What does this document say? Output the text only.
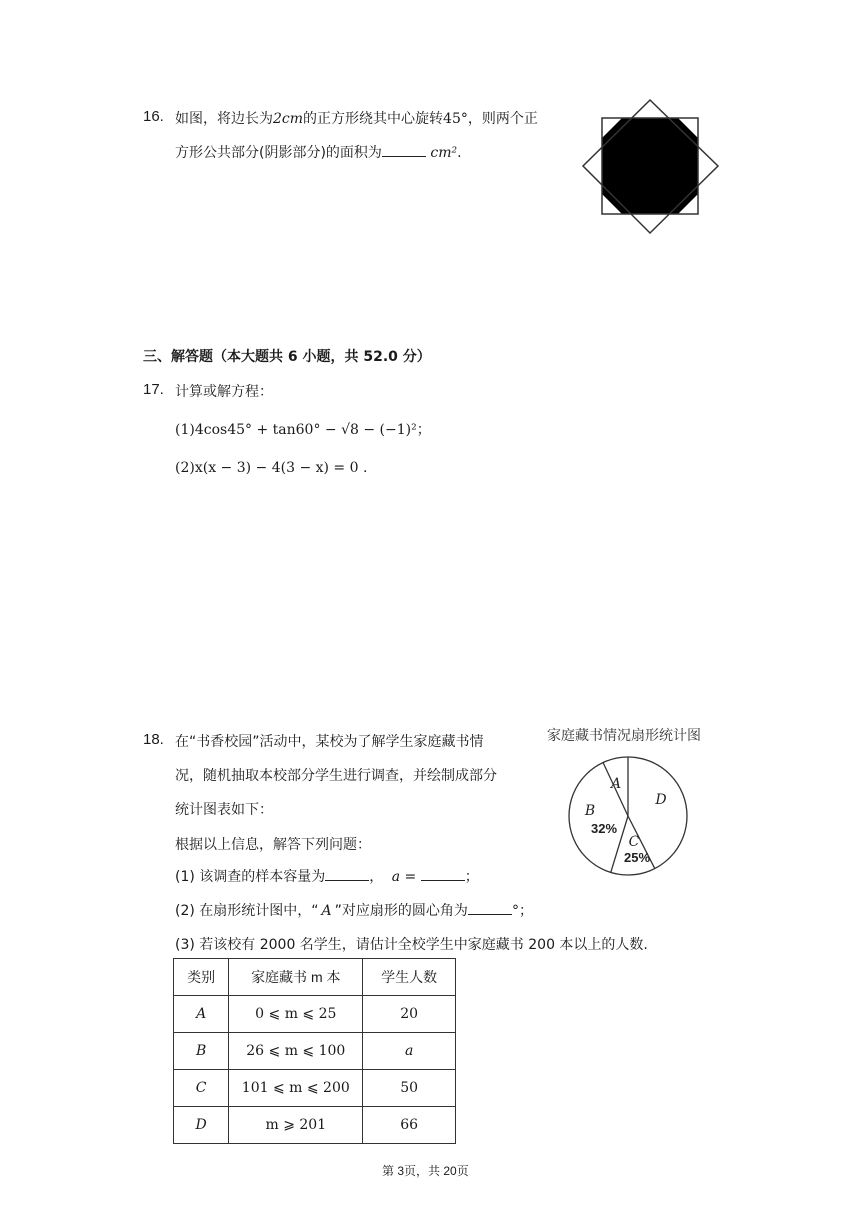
16. 如图，将边长为2cm的正方形绕其中心旋转45°，则两个正
方形公共部分(阴影部分)的面积为	cm².
三、解答题（本大题共 6 小题，共 52.0 分）
17. 计算或解方程：
(1)4cos45° + tan60° − √8 − (−1)²；
(2)x(x − 3) − 4(3 − x) = 0 .
18. 在“书香校园”活动中，某校为了解学生家庭藏书情
况，随机抽取本校部分学生进行调查，并绘制成部分
统计图表如下：
根据以上信息，解答下列问题：
(1) 该调查的样本容量为	， a =	；
(2) 在扇形统计图中，“ A ”对应扇形的圆心角为	°；
(3) 若该校有 2000 名学生，请估计全校学生中家庭藏书 200 本以上的人数.
家庭藏书情况扇形统计图
A
D
C
B
32%
25%
类别	家庭藏书 m 本	学生人数
A	0 ⩽ m ⩽ 25	20
B	26 ⩽ m ⩽ 100	a
C	101 ⩽ m ⩽ 200	50
D	m ⩾ 201	66
第 3页，共 20页
